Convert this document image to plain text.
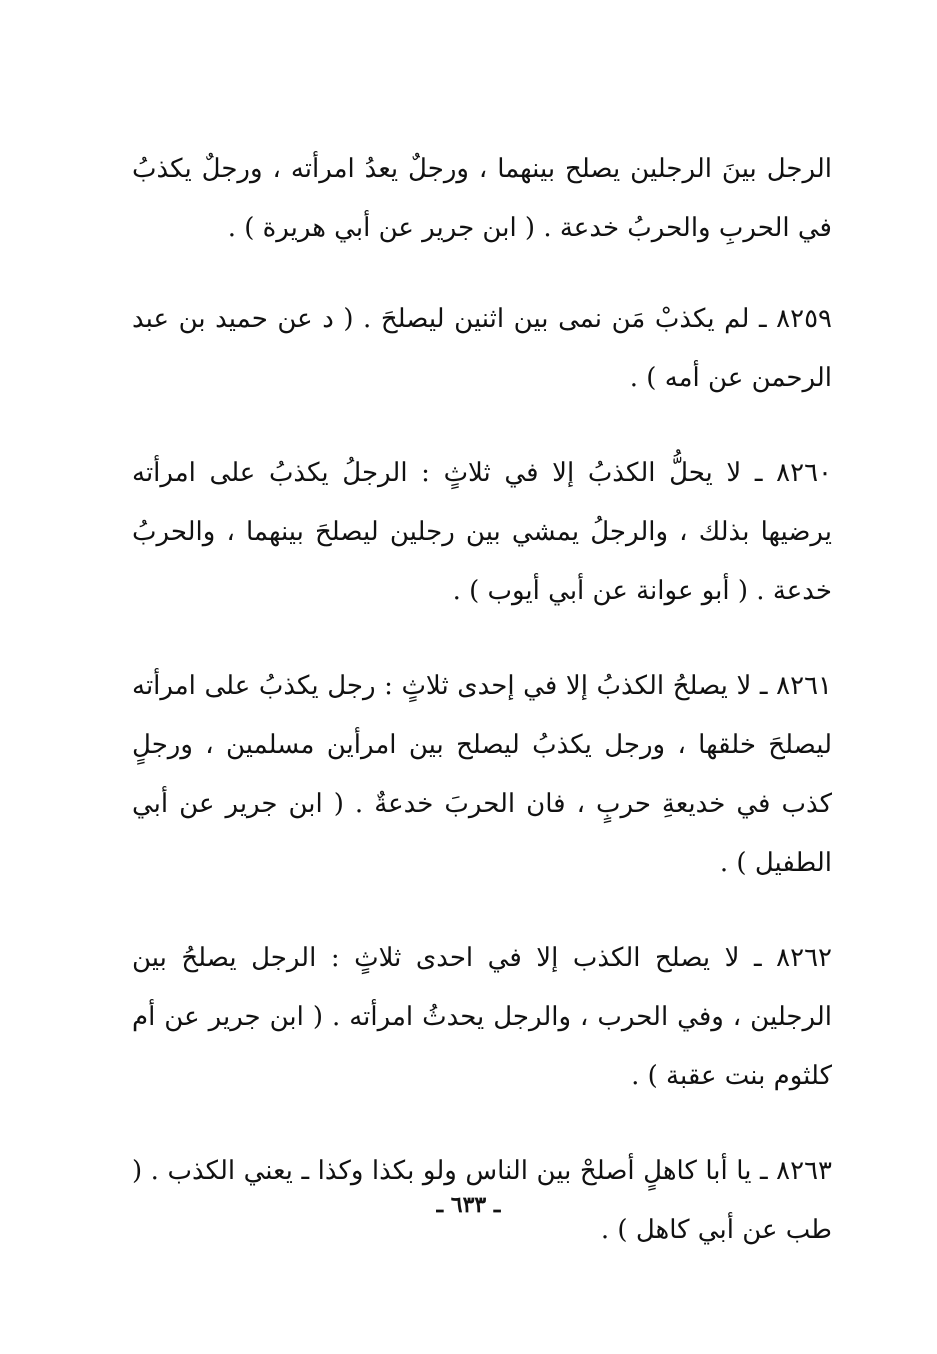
الرجل بينَ الرجلين يصلح بينهما ، ورجلٌ يعدُ امرأته ، ورجلٌ يكذبُ في الحربِ والحربُ خدعة . ( ابن جرير عن أبي هريرة ) .

٨٢٥٩ ـ لم يكذبْ مَن نمى بين اثنين ليصلحَ . ( د عن حميد بن عبد الرحمن عن أمه ) .

٨٢٦٠ ـ لا يحلُّ الكذبُ إلا في ثلاثٍ : الرجلُ يكذبُ على امرأته يرضيها بذلك ، والرجلُ يمشي بين رجلين ليصلحَ بينهما ، والحربُ خدعة . ( أبو عوانة عن أبي أيوب ) .

٨٢٦١ ـ لا يصلحُ الكذبُ إلا في إحدى ثلاثٍ : رجل يكذبُ على امرأته ليصلحَ خلقها ، ورجل يكذبُ ليصلح بين امرأين مسلمين ، ورجلٍ كذب في خديعةِ حربٍ ، فان الحربَ خدعةٌ . ( ابن جرير عن أبي الطفيل ) .

٨٢٦٢ ـ لا يصلح الكذب إلا في احدى ثلاثٍ : الرجل يصلحُ بين الرجلين ، وفي الحرب ، والرجل يحدثُ امرأته . ( ابن جرير عن أم كلثوم بنت عقبة ) .

٨٢٦٣ ـ يا أبا كاهلٍ أصلحْ بين الناس ولو بكذا وكذا ـ يعني الكذب . ( طب عن أبي كاهل ) .

ـ ٦٣٣ ـ
